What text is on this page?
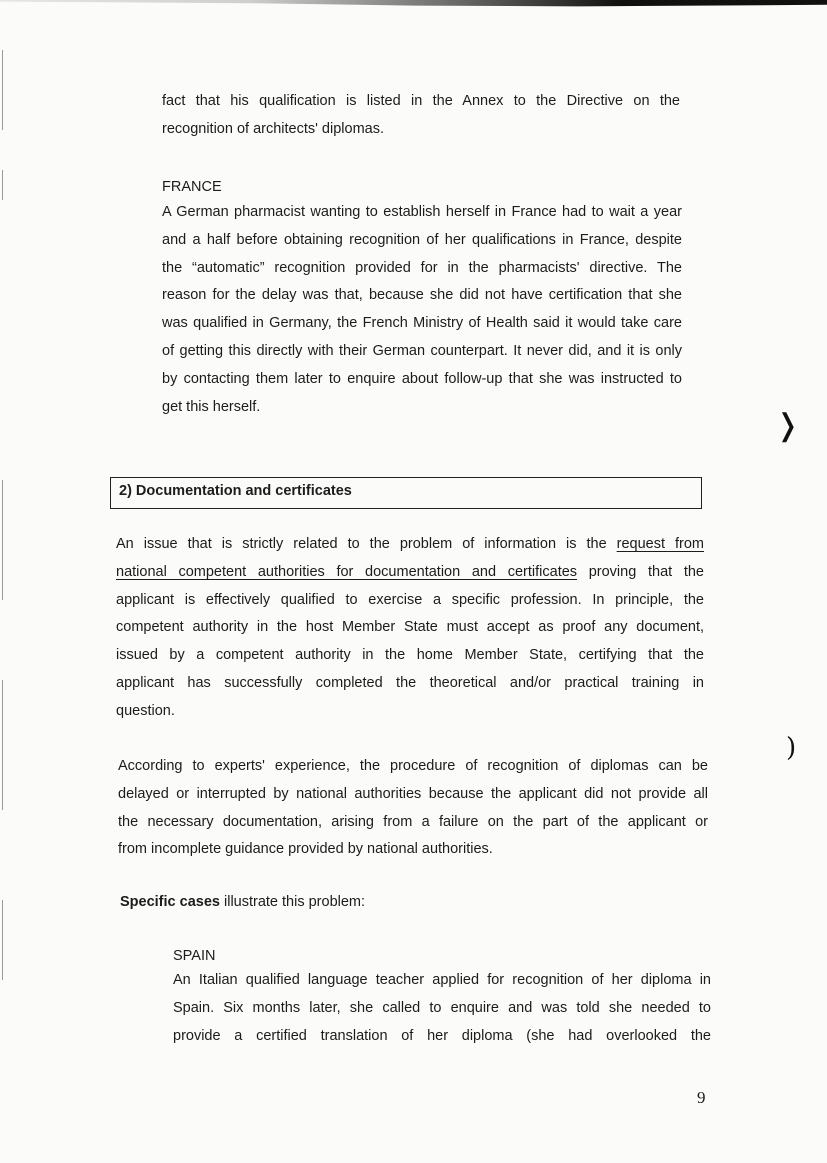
❭
)
fact that his qualification is listed in the Annex to the Directive on the
recognition of architects' diplomas.
FRANCE
A German pharmacist wanting to establish herself in France had to wait a year
and a half before obtaining recognition of her qualifications in France, despite
the “automatic” recognition provided for in the pharmacists' directive. The
reason for the delay was that, because she did not have certification that she
was qualified in Germany, the French Ministry of Health said it would take care
of getting this directly with their German counterpart. It never did, and it is only
by contacting them later to enquire about follow-up that she was instructed to
get this herself.
2) Documentation and certificates
An issue that is strictly related to the problem of information is the request from
national competent authorities for documentation and certificates proving that the
applicant is effectively qualified to exercise a specific profession. In principle, the
competent authority in the host Member State must accept as proof any document,
issued by a competent authority in the home Member State, certifying that the
applicant has successfully completed the theoretical and/or practical training in
question.
According to experts' experience, the procedure of recognition of diplomas can be
delayed or interrupted by national authorities because the applicant did not provide all
the necessary documentation, arising from a failure on the part of the applicant or
from incomplete guidance provided by national authorities.
Specific cases illustrate this problem:
SPAIN
An Italian qualified language teacher applied for recognition of her diploma in
Spain. Six months later, she called to enquire and was told she needed to
provide a certified translation of her diploma (she had overlooked the
9
